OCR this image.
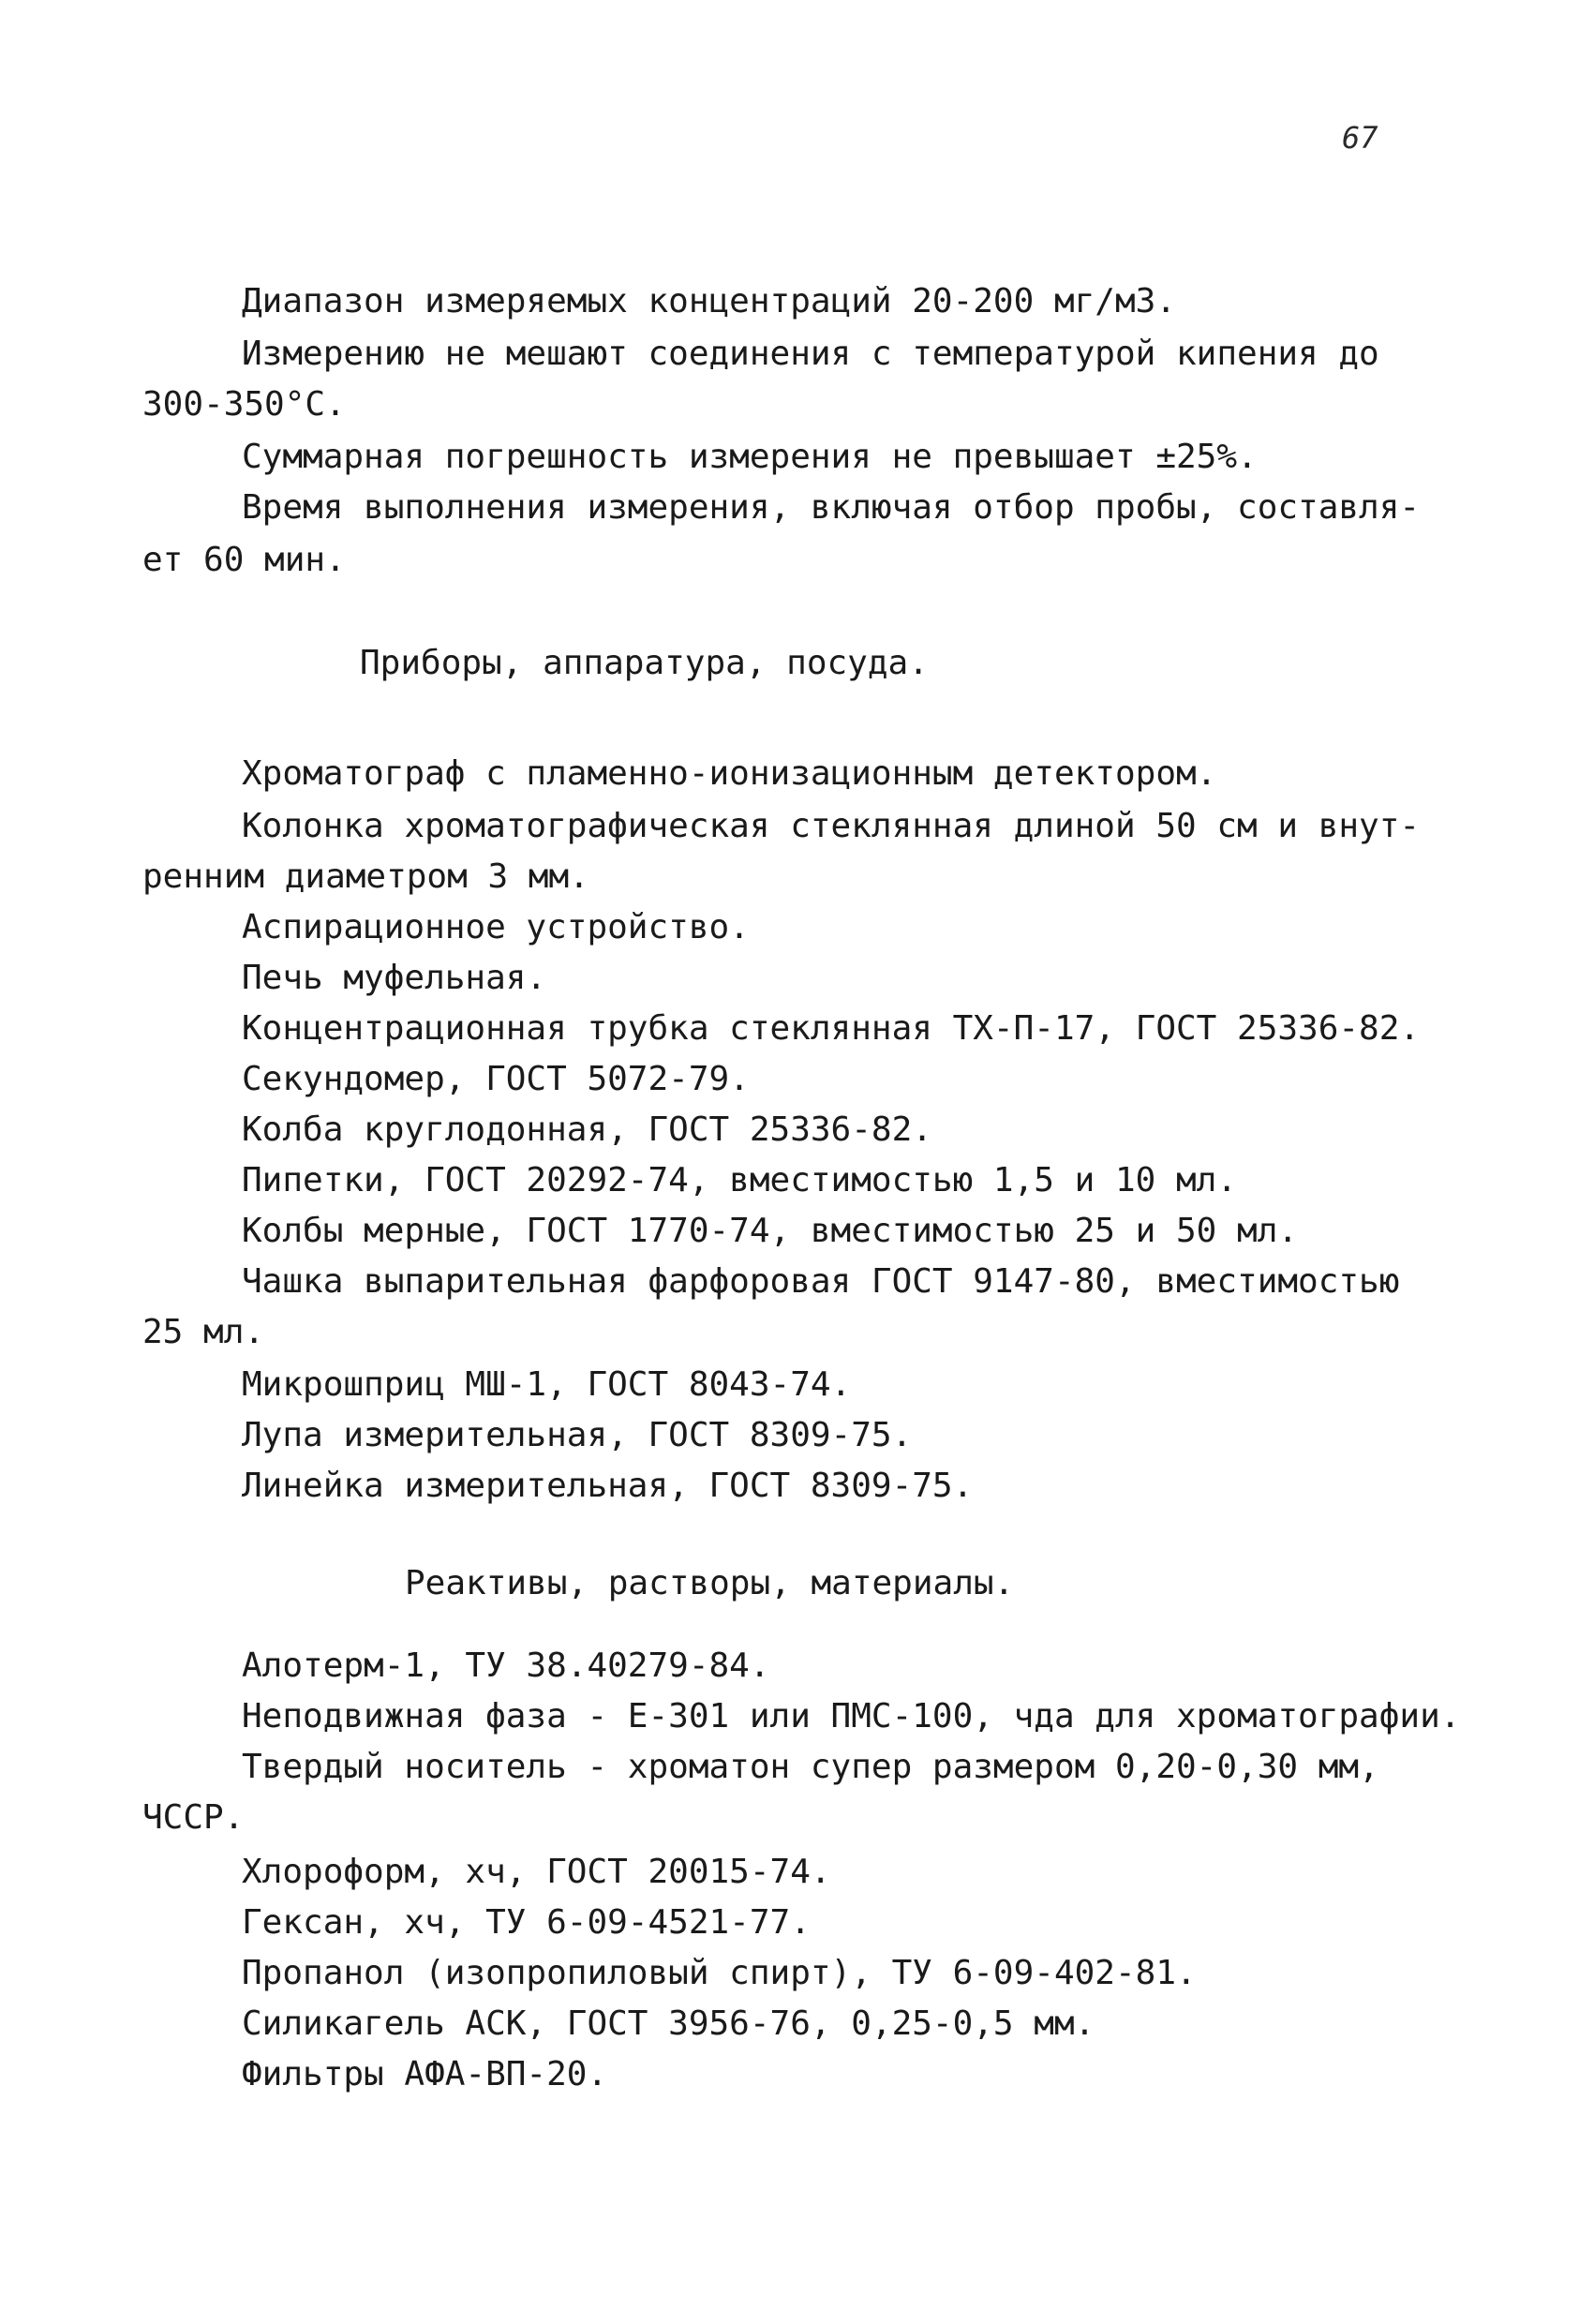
67
Диапазон измеряемых концентраций 20-200 мг/м3.
Измерению не мешают соединения с температурой кипения до
300-350°С.
Суммарная погрешность измерения не превышает ±25%.
Время выполнения измерения, включая отбор пробы, составля-
ет 60 мин.
Приборы, аппаратура, посуда.
Хроматограф с пламенно-ионизационным детектором.
Колонка хроматографическая стеклянная длиной 50 см и внут-
ренним диаметром 3 мм.
Аспирационное устройство.
Печь муфельная.
Концентрационная трубка стеклянная ТХ-П-17, ГОСТ 25336-82.
Секундомер, ГОСТ 5072-79.
Колба круглодонная, ГОСТ 25336-82.
Пипетки, ГОСТ 20292-74, вместимостью 1,5 и 10 мл.
Колбы мерные, ГОСТ 1770-74, вместимостью 25 и 50 мл.
Чашка выпарительная фарфоровая ГОСТ 9147-80, вместимостью
25 мл.
Микрошприц МШ-1, ГОСТ 8043-74.
Лупа измерительная, ГОСТ 8309-75.
Линейка измерительная, ГОСТ 8309-75.
Реактивы, растворы, материалы.
Алотерм-1, ТУ 38.40279-84.
Неподвижная фаза - Е-301 или ПМС-100, чда для хроматографии.
Твердый носитель - хроматон супер размером 0,20-0,30 мм,
ЧССР.
Хлороформ, хч, ГОСТ 20015-74.
Гексан, хч, ТУ 6-09-4521-77.
Пропанол (изопропиловый спирт), ТУ 6-09-402-81.
Силикагель АСК, ГОСТ 3956-76, 0,25-0,5 мм.
Фильтры АФА-ВП-20.
